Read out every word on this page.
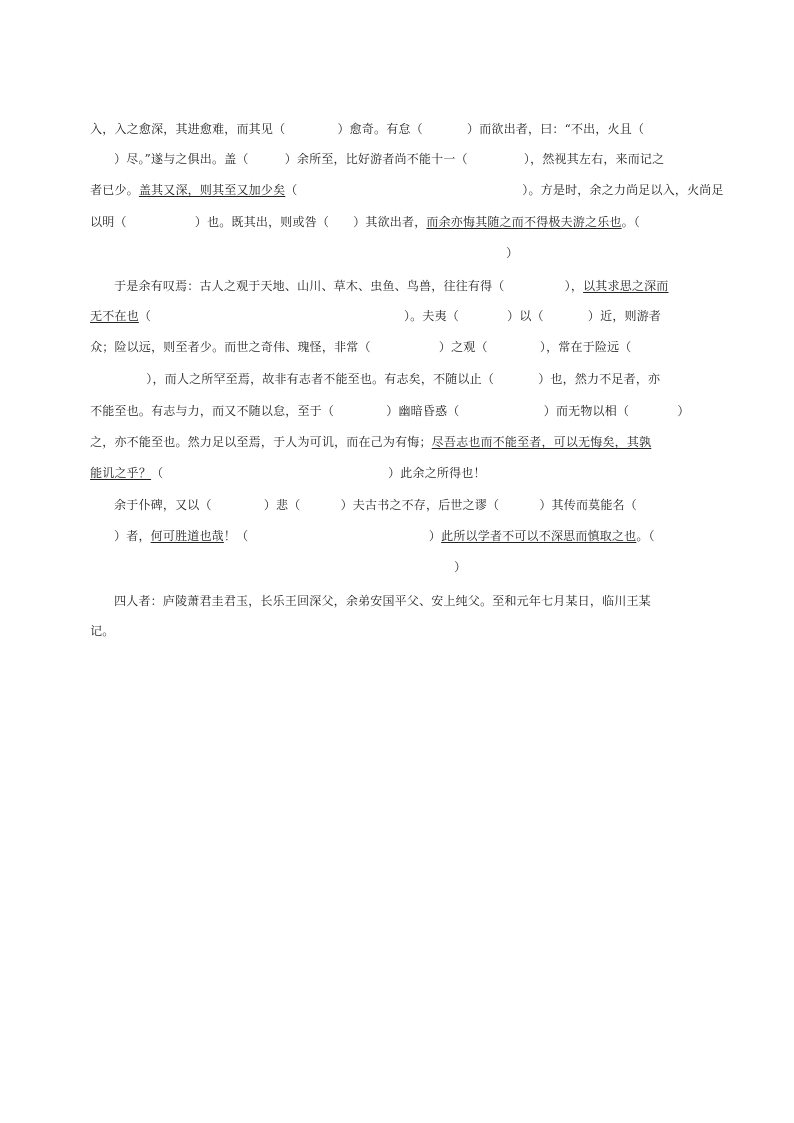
入，入之愈深，其进愈难，而其见（             ）愈奇。有怠（           ）而欲出者，曰：“不出，火且（

）尽。”遂与之俱出。盖（         ）余所至，比好游者尚不能十一（              ），然视其左右，来而记之

者已少。盖其又深，则其至又加少矣（                                                        ）。方是时，余之力尚足以入，火尚足

以明（                 ）也。既其出，则或咎（      ）其欲出者，而余亦悔其随之而不得极夫游之乐也。（

）

于是余有叹焉：古人之观于天地、山川、草木、虫鱼、鸟兽，往往有得（               ），以其求思之深而

无不在也（                                                               ）。夫夷（            ）以（           ）近，则游者

众；险以远，则至者少。而世之奇伟、瑰怪，非常（                 ）之观（             ），常在于险远（

），而人之所罕至焉，故非有志者不能至也。有志矣，不随以止（           ）也，然力不足者，亦

不能至也。有志与力，而又不随以怠，至于（             ）幽暗昏惑（                     ）而无物以相（            ）

之，亦不能至也。然力足以至焉，于人为可讥，而在己为有悔；尽吾志也而不能至者，可以无悔矣，其孰

能讥之乎？（                                                        ）此余之所得也！

余于仆碑，又以（             ）悲（          ）夫古书之不存，后世之谬（          ）其传而莫能名（

）者，何可胜道也哉！（                                             ）此所以学者不可以不深思而慎取之也。（

）

四人者：庐陵萧君圭君玉，长乐王回深父，余弟安国平父、安上纯父。至和元年七月某日，临川王某

记。
